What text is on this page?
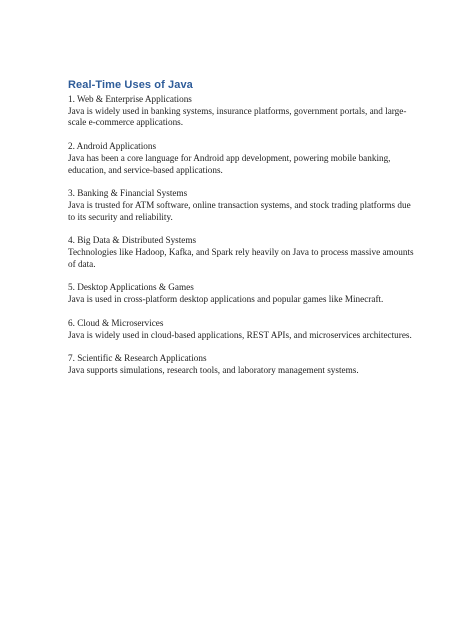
Real-Time Uses of Java

1. Web & Enterprise Applications

Java is widely used in banking systems, insurance platforms, government portals, and large-scale e-commerce applications.

2. Android Applications

Java has been a core language for Android app development, powering mobile banking, education, and service-based applications.

3. Banking & Financial Systems

Java is trusted for ATM software, online transaction systems, and stock trading platforms due to its security and reliability.

4. Big Data & Distributed Systems

Technologies like Hadoop, Kafka, and Spark rely heavily on Java to process massive amounts of data.

5. Desktop Applications & Games

Java is used in cross-platform desktop applications and popular games like Minecraft.

6. Cloud & Microservices

Java is widely used in cloud-based applications, REST APIs, and microservices architectures.

7. Scientific & Research Applications

Java supports simulations, research tools, and laboratory management systems.
